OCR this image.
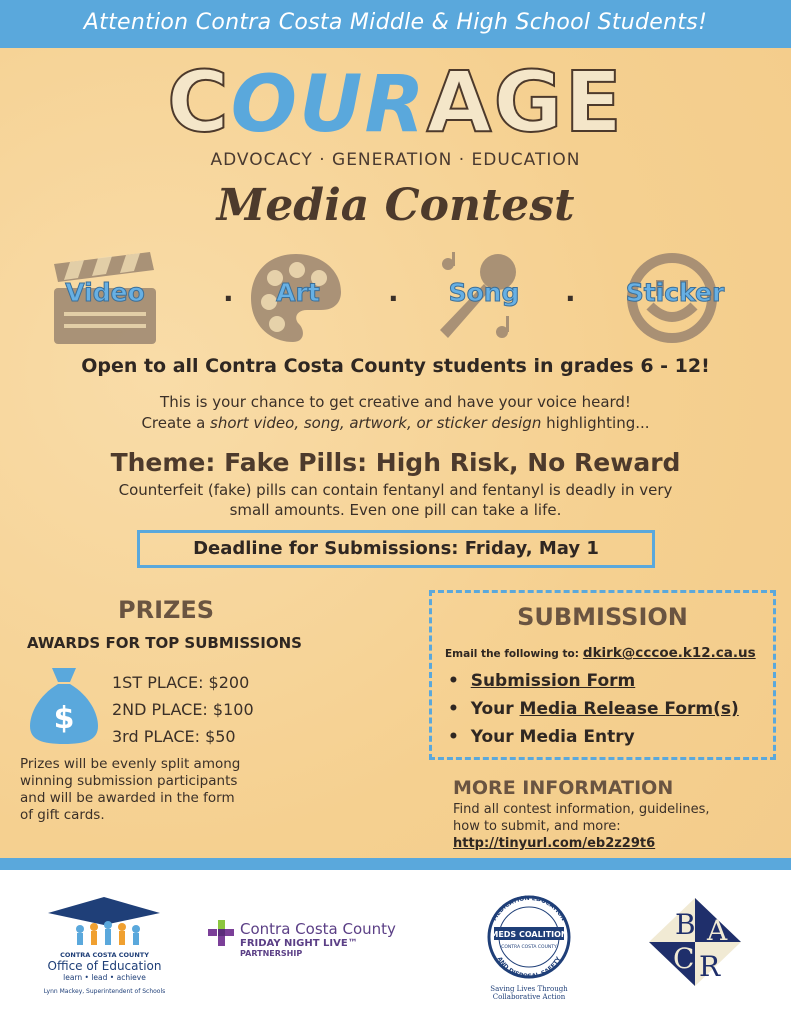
Attention Contra Costa Middle & High School Students!
COURAGE
ADVOCACY · GENERATION · EDUCATION
Media Contest
Video	·	Art	·	Song	·	Sticker
Open to all Contra Costa County students in grades 6 - 12!
This is your chance to get creative and have your voice heard!
Create a short video, song, artwork, or sticker design highlighting...
Theme: Fake Pills: High Risk, No Reward
Counterfeit (fake) pills can contain fentanyl and fentanyl is deadly in very
small amounts. Even one pill can take a life.
Deadline for Submissions: Friday, May 1
PRIZES
AWARDS FOR TOP SUBMISSIONS
$
1ST PLACE: $200
2ND PLACE: $100
3rd PLACE: $50
Prizes will be evenly split among
winning submission participants
and will be awarded in the form
of gift cards.
SUBMISSION
Email the following to: dkirk@cccoe.k12.ca.us
•  Submission Form
•  Your Media Release Form(s)
•  Your Media Entry
MORE INFORMATION
Find all contest information, guidelines,
how to submit, and more:
http://tinyurl.com/eb2z29t6
CONTRA COSTA COUNTY
Office of Education
learn • lead • achieve
Lynn Mackey, Superintendent of Schools
Contra Costa County
FRIDAY NIGHT LIVE™
PARTNERSHIP
MEDICATION EDUCATION
AND DISPOSAL SAFETY
MEDS COALITION
CONTRA COSTA COUNTY
Saving Lives Through Collaborative Action
B A
C R
